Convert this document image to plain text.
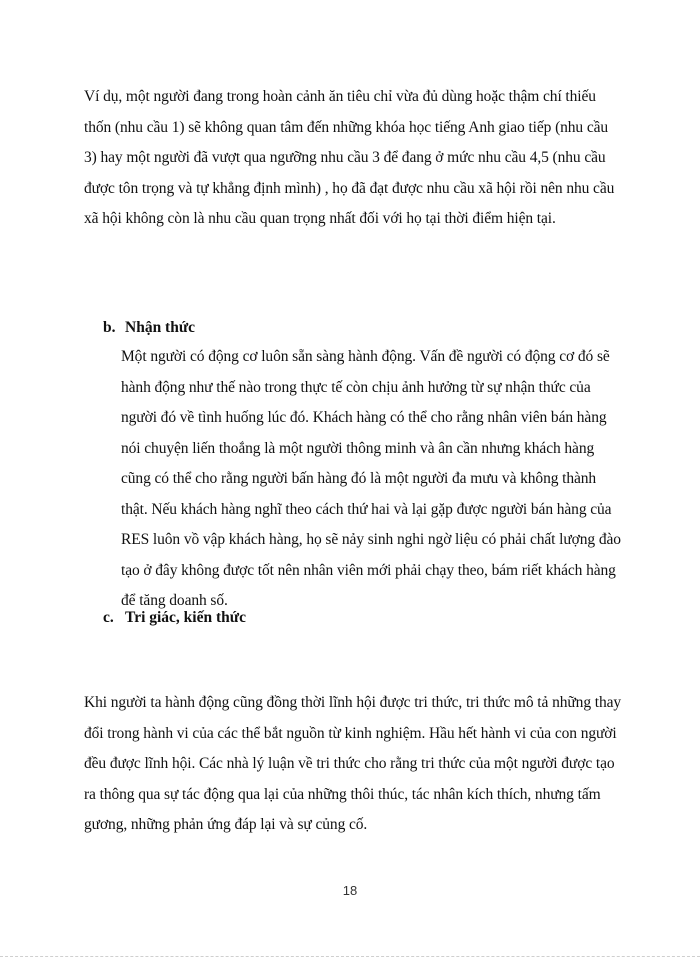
Ví dụ, một người đang trong hoàn cảnh ăn tiêu chỉ vừa đủ dùng hoặc thậm chí thiếu thốn (nhu cầu 1) sẽ không quan tâm đến những khóa học tiếng Anh giao tiếp (nhu cầu 3) hay một người đã vượt qua ngưỡng nhu cầu 3 để đang ở mức nhu cầu 4,5 (nhu cầu được tôn trọng và tự khẳng định mình) , họ đã đạt được nhu cầu xã hội rồi nên nhu cầu xã hội không còn là nhu cầu quan trọng nhất đối với họ tại thời điểm hiện tại.

b. Nhận thức

Một người có động cơ luôn sẵn sàng hành động. Vấn đề người có động cơ đó sẽ hành động như thế nào trong thực tế còn chịu ảnh hưởng từ sự nhận thức của người đó về tình huống lúc đó. Khách hàng có thể cho rằng nhân viên bán hàng nói chuyện liến thoắng là một người thông minh và ân cần nhưng khách hàng cũng có thể cho rằng người bấn hàng đó là một người đa mưu và không thành thật. Nếu khách hàng nghĩ theo cách thứ hai và lại gặp được người bán hàng của RES luôn vồ vập khách hàng, họ sẽ nảy sinh nghi ngờ liệu có phải chất lượng đào tạo ở đây không được tốt nên nhân viên mới phải chạy theo, bám riết khách hàng để tăng doanh số.

c. Tri giác, kiến thức

Khi người ta hành động cũng đồng thời lĩnh hội được tri thức, tri thức mô tả những thay đổi trong hành vi của các thể bắt nguồn từ kinh nghiệm. Hầu hết hành vi của con người đều được lĩnh hội. Các nhà lý luận về tri thức cho rằng tri thức của một người được tạo ra thông qua sự tác động qua lại của những thôi thúc, tác nhân kích thích, nhưng tấm gương, những phản ứng đáp lại và sự củng cố.

18
